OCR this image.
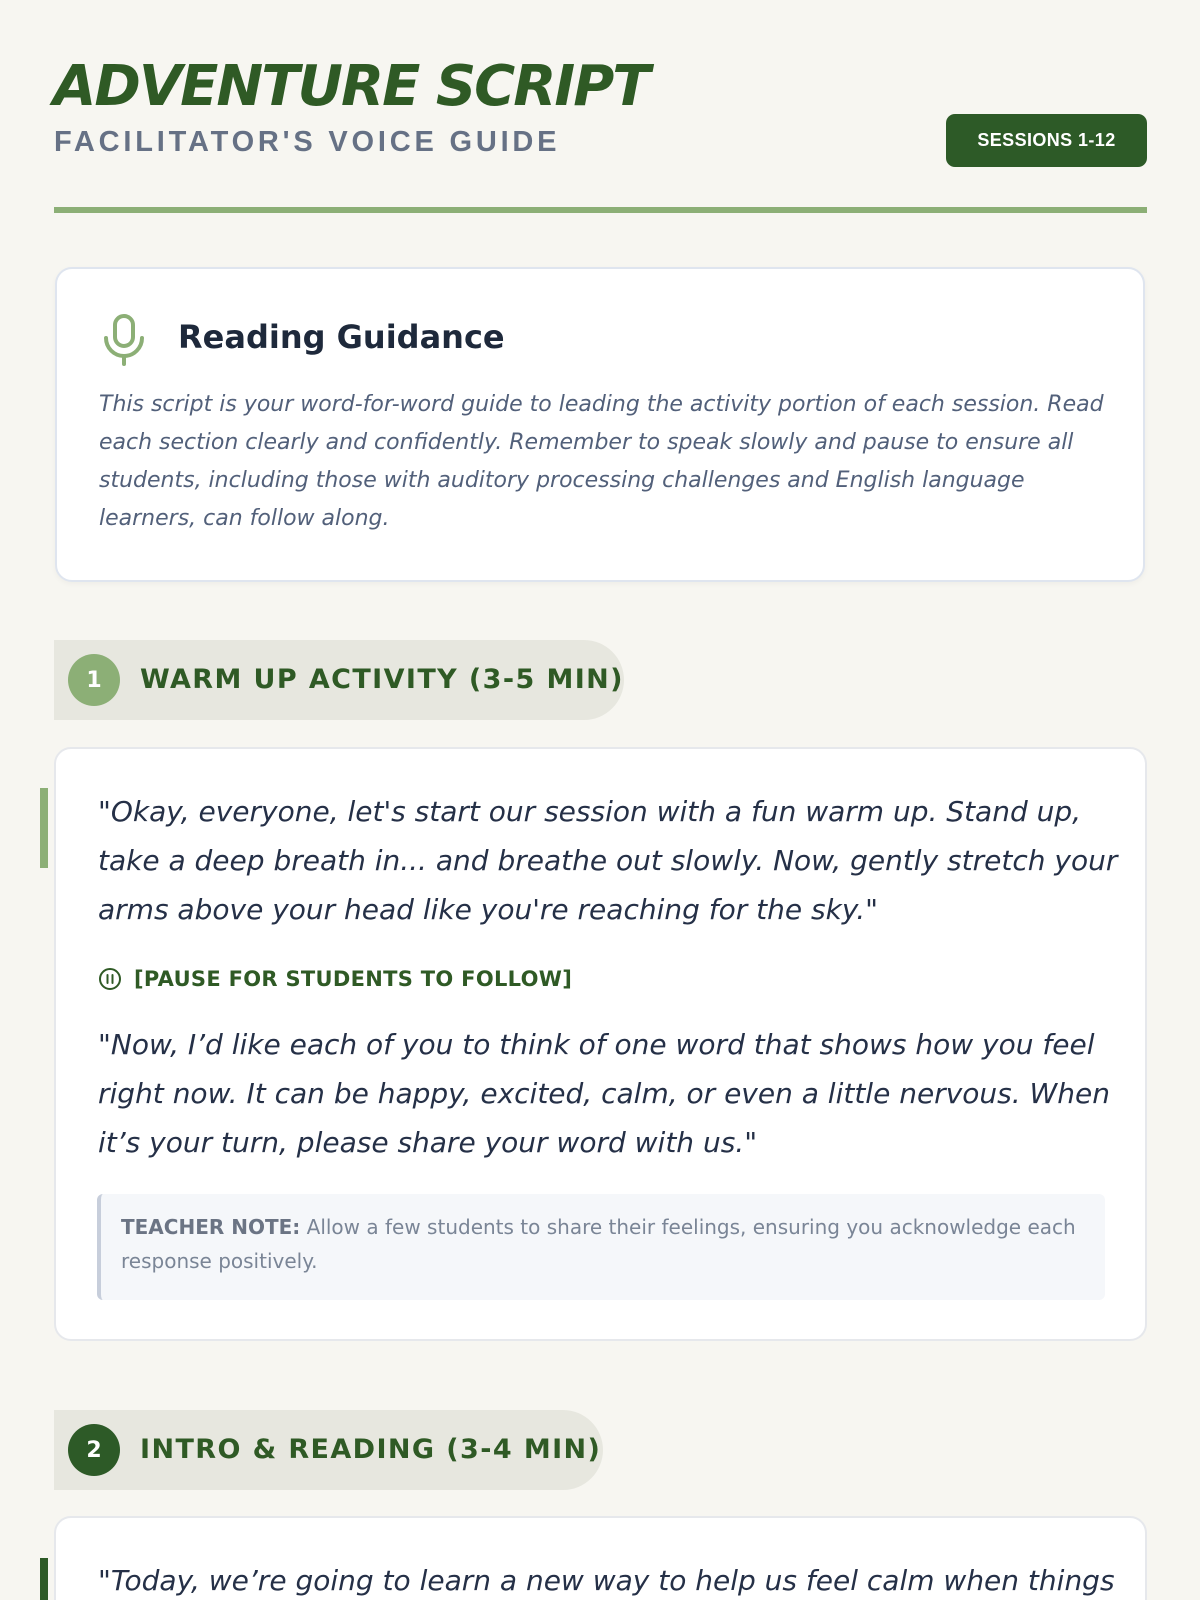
ADVENTURE SCRIPT
FACILITATOR'S VOICE GUIDE	SESSIONS 1-12
Reading Guidance

This script is your word-for-word guide to leading the activity portion of each session. Read each section clearly and confidently. Remember to speak slowly and pause to ensure all students, including those with auditory processing challenges and English language learners, can follow along.

1	WARM UP ACTIVITY (3-5 MIN)

"Okay, everyone, let's start our session with a fun warm up. Stand up, take a deep breath in... and breathe out slowly. Now, gently stretch your arms above your head like you're reaching for the sky."

[PAUSE FOR STUDENTS TO FOLLOW]

"Now, I’d like each of you to think of one word that shows how you feel right now. It can be happy, excited, calm, or even a little nervous. When it’s your turn, please share your word with us."

TEACHER NOTE: Allow a few students to share their feelings, ensuring you acknowledge each response positively.
2	INTRO & READING (3-4 MIN)

"Today, we’re going to learn a new way to help us feel calm when things
